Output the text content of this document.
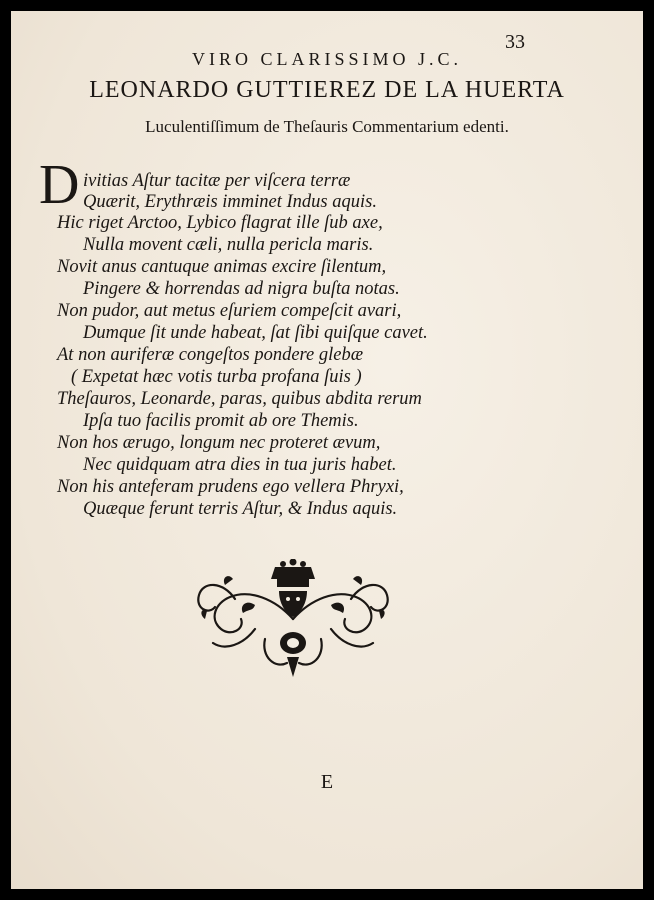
33
VIRO CLARISSIMO J.C.
LEONARDO GUTTIEREZ DE LA HUERTA
Luculentiſſimum de Theſauris Commentarium edenti.
D ivitias Aſtur tacitæ per viſcera terræ
Quærit, Erythræis imminet Indus aquis.
Hic riget Arctoo, Lybico flagrat ille ſub axe,
Nulla movent cæli, nulla pericla maris.
Novit anus cantuque animas excire ſilentum,
Pingere & horrendas ad nigra buſta notas.
Non pudor, aut metus eſuriem compeſcit avari,
Dumque ſit unde habeat, ſat ſibi quiſque cavet.
At non auriferæ congeſtos pondere glebæ
( Expetat hæc votis turba profana ſuis )
Theſauros, Leonarde, paras, quibus abdita rerum
Ipſa tuo facilis promit ab ore Themis.
Non hos ærugo, longum nec proteret ævum,
Nec quidquam atra dies in tua juris habet.
Non his anteferam prudens ego vellera Phryxi,
Quæque ferunt terris Aſtur, & Indus aquis.
E
